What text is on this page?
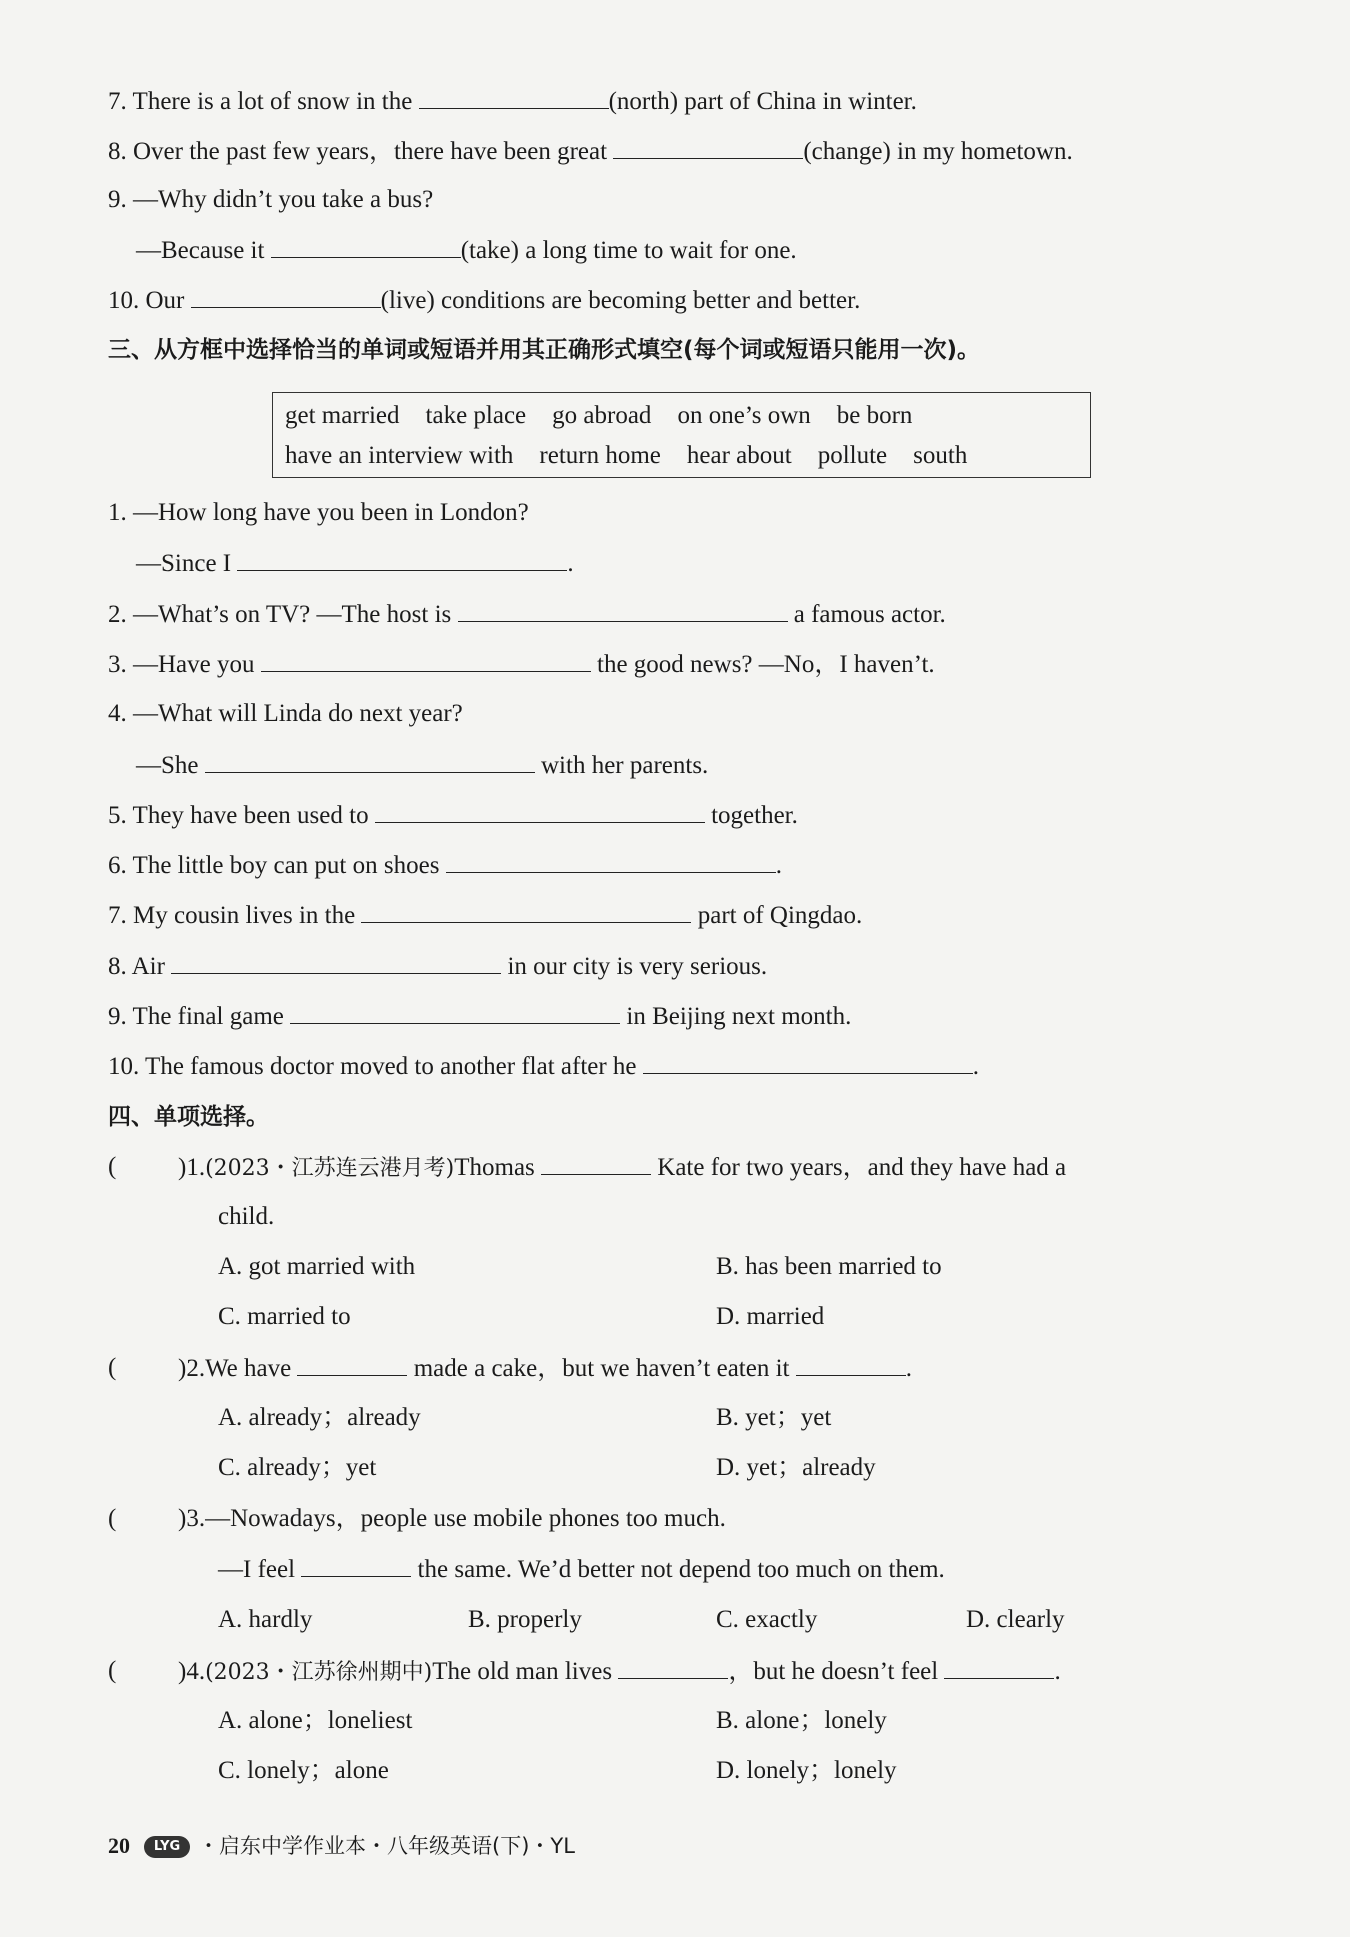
7. There is a lot of snow in the	(north) part of China in winter.
8. Over the past few years，there have been great	(change) in my hometown.
9. —Why didn’t you take a bus?
—Because it	(take) a long time to wait for one.
10. Our	(live) conditions are becoming better and better.
三、从方框中选择恰当的单词或短语并用其正确形式填空(每个词或短语只能用一次)。
get married take place go abroad on one’s own be born
have an interview with return home hear about pollute south
1. —How long have you been in London?
—Since I	.
2. —What’s on TV? —The host is	a famous actor.
3. —Have you	the good news? —No，I haven’t.
4. —What will Linda do next year?
—She	with her parents.
5. They have been used to	together.
6. The little boy can put on shoes	.
7. My cousin lives in the	part of Qingdao.
8. Air	in our city is very serious.
9. The final game	in Beijing next month.
10. The famous doctor moved to another flat after he	.
四、单项选择。
( )1.(2023・江苏连云港月考)Thomas	Kate for two years，and they have had a
child.
A. got married with	B. has been married to
C. married to	D. married
( )2.We have	made a cake，but we haven’t eaten it	.
A. already；already	B. yet；yet
C. already；yet	D. yet；already
( )3.—Nowadays，people use mobile phones too much.
—I feel	the same. We’d better not depend too much on them.
A. hardly	B. properly	C. exactly	D. clearly
( )4.(2023・江苏徐州期中)The old man lives	，but he doesn’t feel	.
A. alone；loneliest	B. alone；lonely
C. lonely；alone	D. lonely；lonely
20 LYG ・启东中学作业本・八年级英语(下)・YL
